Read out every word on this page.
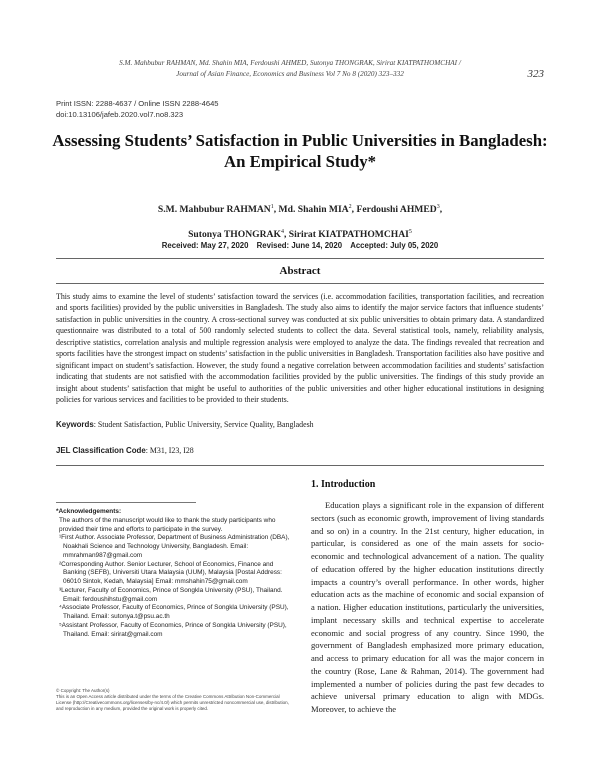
S.M. Mahbubur RAHMAN, Md. Shahin MIA, Ferdoushi AHMED, Sutonya THONGRAK, Sirirat KIATPATHOMCHAI /
Journal of Asian Finance, Economics and Business Vol 7 No 8 (2020) 323–332	323
Print ISSN: 2288-4637 / Online ISSN 2288-4645
doi:10.13106/jafeb.2020.vol7.no8.323
Assessing Students’ Satisfaction in Public Universities in Bangladesh:
An Empirical Study*
S.M. Mahbubur RAHMAN$^1$, Md. Shahin MIA$^2$, Ferdoushi AHMED$^3$,
Sutonya THONGRAK$^4$, Sirirat KIATPATHOMCHAI$^5$
Received: May 27, 2020 Revised: June 14, 2020 Accepted: July 05, 2020
Abstract
This study aims to examine the level of students’ satisfaction toward the services (i.e. accommodation facilities, transportation facilities, and recreation and sports facilities) provided by the public universities in Bangladesh. The study also aims to identify the major service factors that influence students’ satisfaction in public universities in the country. A cross-sectional survey was conducted at six public universities to obtain primary data. A standardized questionnaire was distributed to a total of 500 randomly selected students to collect the data. Several statistical tools, namely, reliability analysis, descriptive statistics, correlation analysis and multiple regression analysis were employed to analyze the data. The findings revealed that recreation and sports facilities have the strongest impact on students’ satisfaction in the public universities in Bangladesh. Transportation facilities also have positive and significant impact on student’s satisfaction. However, the study found a negative correlation between accommodation facilities and students’ satisfaction indicating that students are not satisfied with the accommodation facilities provided by the public universities. The findings of this study provide an insight about students’ satisfaction that might be useful to authorities of the public universities and other higher educational institutions in designing policies for various services and facilities to be provided to their students.
Keywords: Student Satisfaction, Public University, Service Quality, Bangladesh
JEL Classification Code: M31, I23, I28
1. Introduction
Education plays a significant role in the expansion of different sectors (such as economic growth, improvement of living standards and so on) in a country. In the 21st century, higher education, in particular, is considered as one of the main assets for socio-economic and technological advancement of a nation. The quality of education offered by the higher education institutions directly impacts a country’s overall performance. In other words, higher education acts as the machine of economic and social expansion of a nation. Higher education institutions, particularly the universities, implant necessary skills and technical expertise to accelerate economic and social progress of any country. Since 1990, the government of Bangladesh emphasized more primary education, and access to primary education for all was the major concern in the country (Rose, Lane & Rahman, 2014). The government had implemented a number of policies during the past few decades to achieve universal primary education to align with MDGs. Moreover, to achieve the

*Acknowledgements:

The authors of the manuscript would like to thank the study participants who provided their time and efforts to participate in the survey.

¹First Author. Associate Professor, Department of Business Administration (DBA), Noakhali Science and Technology University, Bangladesh. Email: mmrahman987@gmail.com

²Corresponding Author. Senior Lecturer, School of Economics, Finance and Banking (SEFB), Universiti Utara Malaysia (UUM), Malaysia [Postal Address: 06010 Sintok, Kedah, Malaysia] Email: mmshahin75@gmail.com

³Lecturer, Faculty of Economics, Prince of Songkla University (PSU), Thailand. Email: ferdoushihstu@gmail.com

⁴Associate Professor, Faculty of Economics, Prince of Songkla University (PSU), Thailand. Email: sutonya.t@psu.ac.th

⁵Assistant Professor, Faculty of Economics, Prince of Songkla University (PSU), Thailand. Email: sirirat@gmail.com

© Copyright: The Author(s)
This is an Open Access article distributed under the terms of the Creative Commons Attribution Non-Commercial License (http://Creativecommons.org/licenses/by-nc/4.0/) which permits unrestricted noncommercial use, distribution, and reproduction in any medium, provided the original work is properly cited.
